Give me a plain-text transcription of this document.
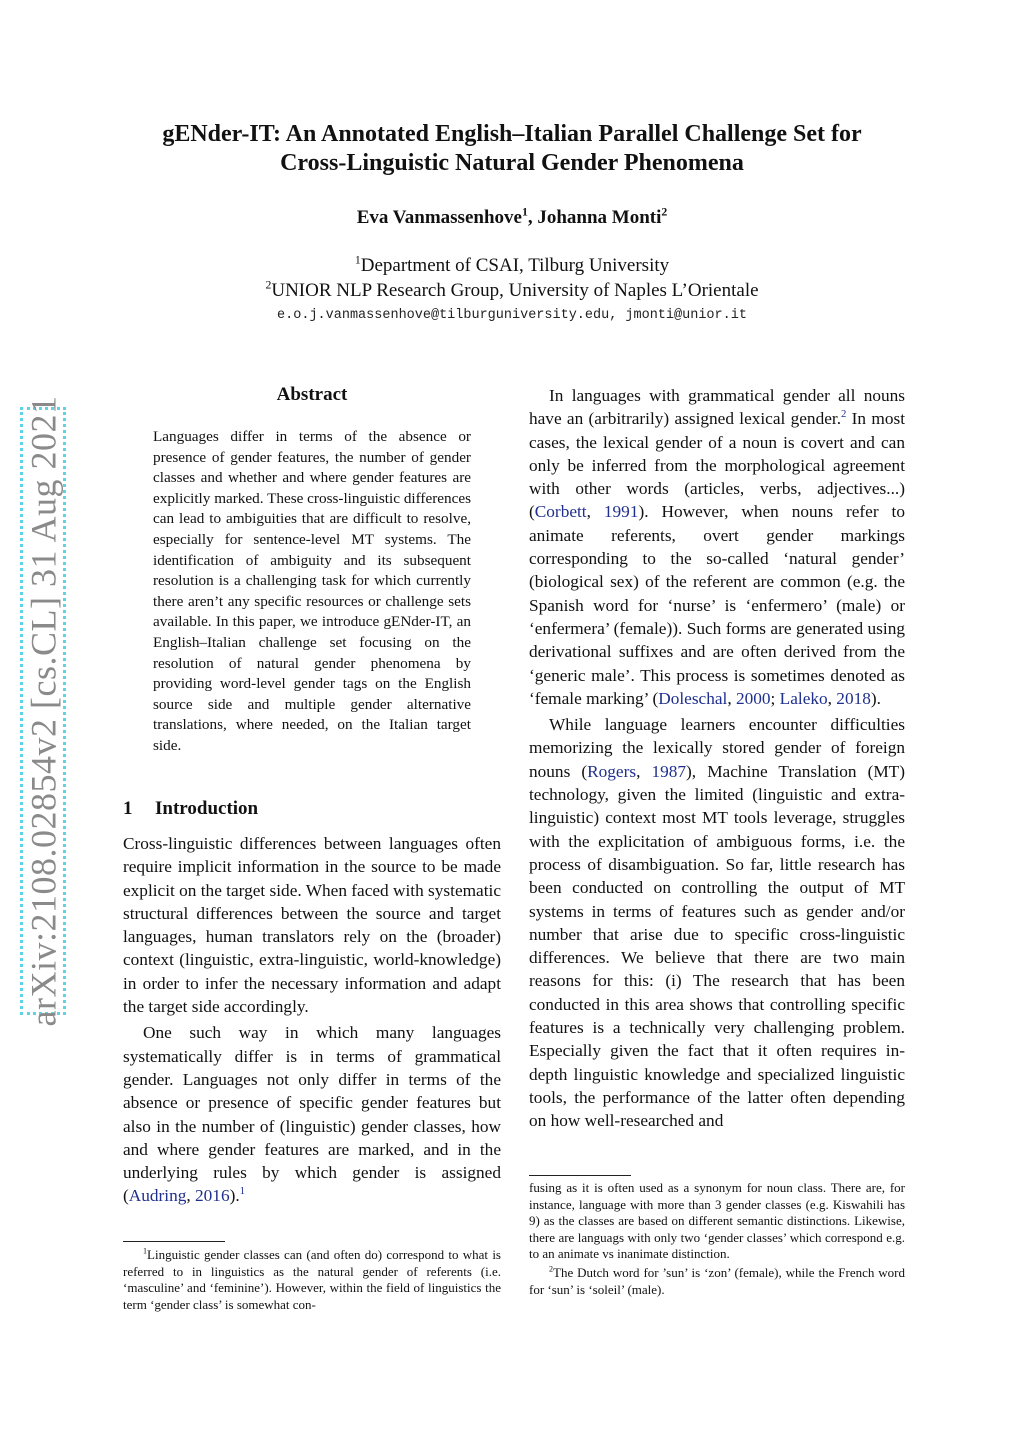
arXiv:2108.02854v2 [cs.CL] 31 Aug 2021
gENder-IT: An Annotated English–Italian Parallel Challenge Set for
Cross-Linguistic Natural Gender Phenomena
Eva Vanmassenhove$^1$, Johanna Monti$^2$
$^1$Department of CSAI, Tilburg University
$^2$UNIOR NLP Research Group, University of Naples L’Orientale
e.o.j.vanmassenhove@tilburguniversity.edu, jmonti@unior.it
Abstract
Languages differ in terms of the absence or presence of gender features, the number of gender classes and whether and where gender features are explicitly marked. These cross-linguistic differences can lead to ambiguities that are difficult to resolve, especially for sentence-level MT systems. The identification of ambiguity and its subsequent resolution is a challenging task for which currently there aren’t any specific resources or challenge sets available. In this paper, we introduce gENder-IT, an English–Italian challenge set focusing on the resolution of natural gender phenomena by providing word-level gender tags on the English source side and multiple gender alternative translations, where needed, on the Italian target side.
1 Introduction

Cross-linguistic differences between languages often require implicit information in the source to be made explicit on the target side. When faced with systematic structural differences between the source and target languages, human translators rely on the (broader) context (linguistic, extra-linguistic, world-knowledge) in order to infer the necessary information and adapt the target side accordingly.

One such way in which many languages systematically differ is in terms of grammatical gender. Languages not only differ in terms of the absence or presence of specific gender features but also in the number of (linguistic) gender classes, how and where gender features are marked, and in the underlying rules by which gender is assigned (Audring, 2016).$^1$

$^1$Linguistic gender classes can (and often do) correspond to what is referred to in linguistics as the natural gender of referents (i.e. ‘masculine’ and ‘feminine’). However, within the field of linguistics the term ‘gender class’ is somewhat con-

In languages with grammatical gender all nouns have an (arbitrarily) assigned lexical gender.$^2$ In most cases, the lexical gender of a noun is covert and can only be inferred from the morphological agreement with other words (articles, verbs, adjectives...) (Corbett, 1991). However, when nouns refer to animate referents, overt gender markings corresponding to the so-called ‘natural gender’ (biological sex) of the referent are common (e.g. the Spanish word for ‘nurse’ is ‘enfermero’ (male) or ‘enfermera’ (female)). Such forms are generated using derivational suffixes and are often derived from the ‘generic male’. This process is sometimes denoted as ‘female marking’ (Doleschal, 2000; Laleko, 2018).

While language learners encounter difficulties memorizing the lexically stored gender of foreign nouns (Rogers, 1987), Machine Translation (MT) technology, given the limited (linguistic and extra-linguistic) context most MT tools leverage, struggles with the explicitation of ambiguous forms, i.e. the process of disambiguation. So far, little research has been conducted on controlling the output of MT systems in terms of features such as gender and/or number that arise due to specific cross-linguistic differences. We believe that there are two main reasons for this: (i) The research that has been conducted in this area shows that controlling specific features is a technically very challenging problem. Especially given the fact that it often requires in-depth linguistic knowledge and specialized linguistic tools, the performance of the latter often depending on how well-researched and

fusing as it is often used as a synonym for noun class. There are, for instance, language with more than 3 gender classes (e.g. Kiswahili has 9) as the classes are based on different semantic distinctions. Likewise, there are languags with only two ‘gender classes’ which correspond e.g. to an animate vs inanimate distinction.

$^2$The Dutch word for ’sun’ is ‘zon’ (female), while the French word for ‘sun’ is ‘soleil’ (male).
